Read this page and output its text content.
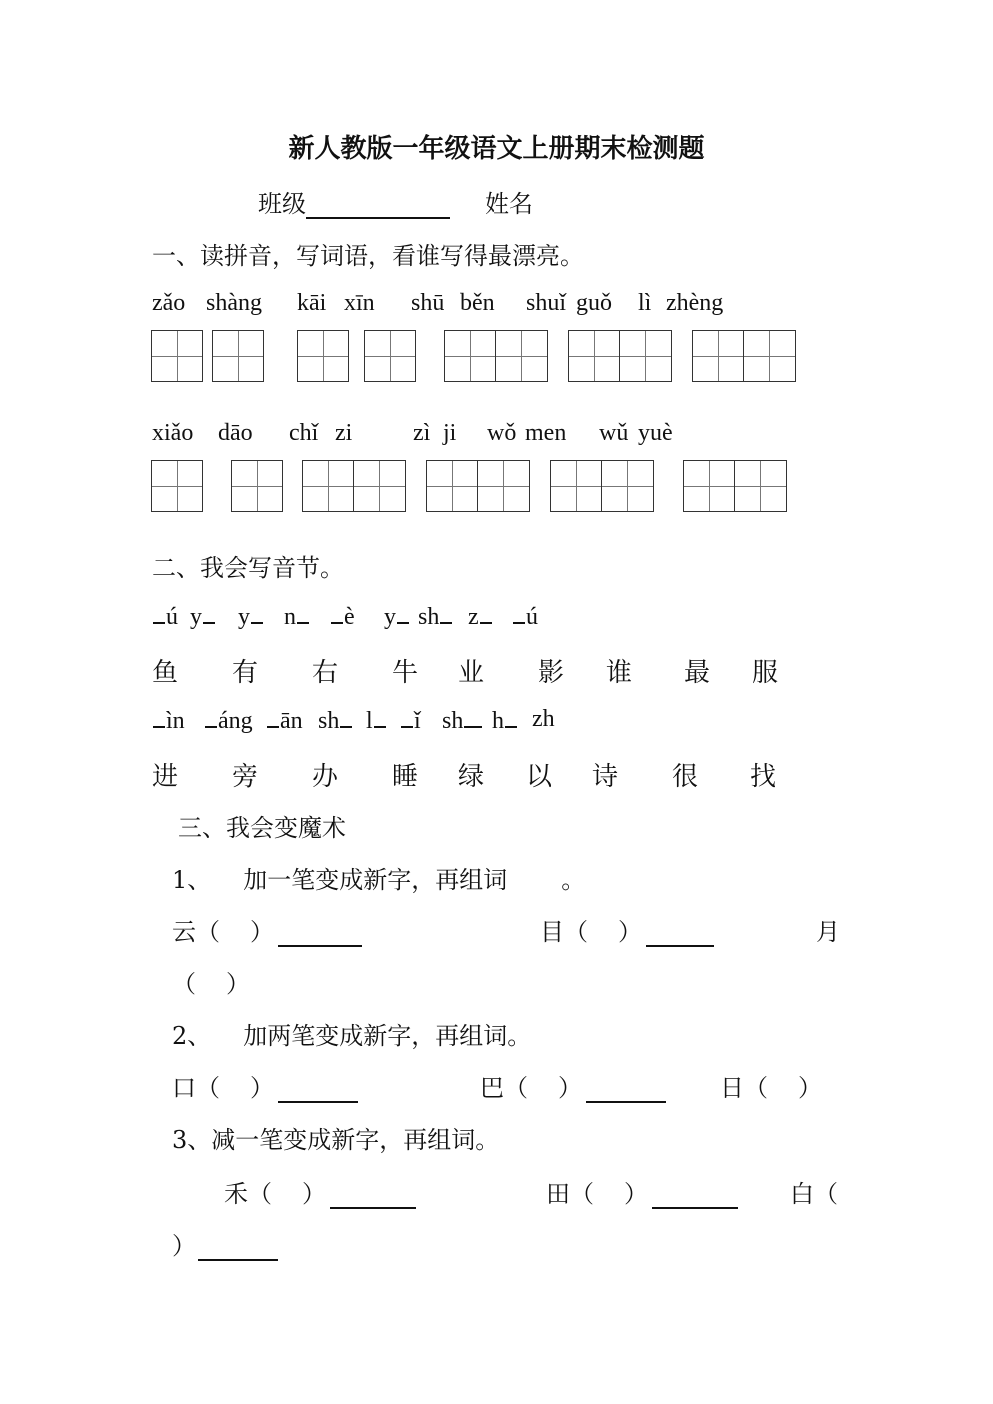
新人教版一年级语文上册期末检测题
班级	姓名
一、读拼音，写词语，看谁写得最漂亮。
zǎo shàng kāi xīn shū běn shuǐ guǒ lì zhèng
xiǎo dāo chǐ zi	zì ji wǒ men wǔ yuè
二、我会写音节。
ú y	y	n	è y sh	z	ú
鱼 有 右 牛 业 影 谁 最 服
ìn	áng	ān sh	l	ǐ sh	h	zh
进 旁 办 睡 绿 以 诗 很 找
三、我会变魔术
1、 加一笔变成新字，再组词 。
云（ ）	目（ ）	月
（ ）
2、 加两笔变成新字，再组词。
口（ ）	巴（ ）	日（ ）
3、减一笔变成新字，再组词。
禾（ ）	田（ ）	白（
）
